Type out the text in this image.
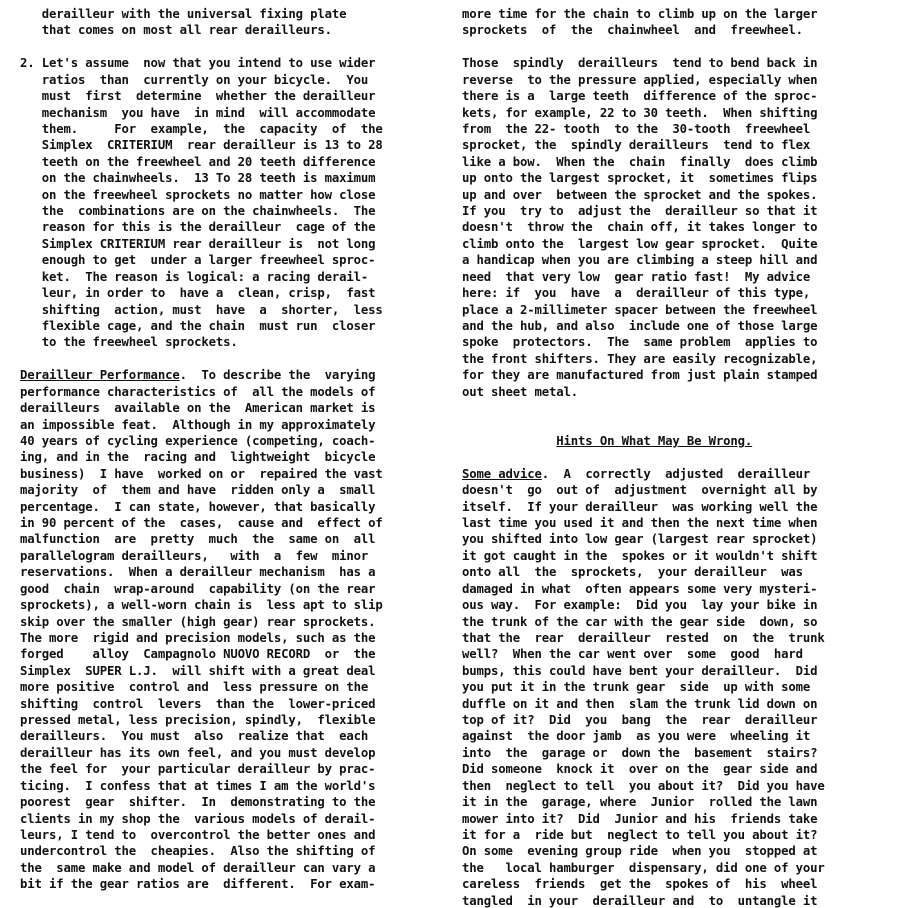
derailleur with the universal fixing plate
that comes on most all rear derailleurs.
2. Let's assume  now that you intend to use wider
ratios  than  currently on your bicycle.  You
must  first  determine  whether the derailleur
mechanism  you have  in mind  will accommodate
them.     For  example,  the  capacity  of  the
Simplex  CRITERIUM  rear derailleur is 13 to 28
teeth on the freewheel and 20 teeth difference
on the chainwheels.  13 To 28 teeth is maximum
on the freewheel sprockets no matter how close
the  combinations are on the chainwheels.  The
reason for this is the derailleur  cage of the
Simplex CRITERIUM rear derailleur is  not long
enough to get  under a larger freewheel sproc-
ket.  The reason is logical: a racing derail-
leur, in order to  have a  clean, crisp,  fast
shifting  action, must  have  a  shorter,  less
flexible cage, and the chain  must run  closer
to the freewheel sprockets.
Derailleur Performance.  To describe the  varying
performance characteristics of  all the models of
derailleurs  available on the  American market is
an impossible feat.  Although in my approximately
40 years of cycling experience (competing, coach-
ing, and in the  racing and  lightweight  bicycle
business)  I have  worked on or  repaired the vast
majority  of  them and have  ridden only a  small
percentage.  I can state, however, that basically
in 90 percent of the  cases,  cause and  effect of
malfunction  are  pretty  much  the  same on  all
parallelogram derailleurs,   with  a  few  minor
reservations.  When a derailleur mechanism  has a
good  chain  wrap-around  capability (on the rear
sprockets), a well-worn chain is  less apt to slip
skip over the smaller (high gear) rear sprockets.
The more  rigid and precision models, such as the
forged    alloy  Campagnolo NUOVO RECORD  or  the
Simplex  SUPER L.J.  will shift with a great deal
more positive  control and  less pressure on the
shifting  control  levers  than the  lower-priced
pressed metal, less precision, spindly,  flexible
derailleurs.  You must  also  realize that  each
derailleur has its own feel, and you must develop
the feel for  your particular derailleur by prac-
ticing.  I confess that at times I am the world's
poorest  gear  shifter.  In  demonstrating to the
clients in my shop the  various models of derail-
leurs, I tend to  overcontrol the better ones and
undercontrol the  cheapies.  Also the shifting of
the  same make and model of derailleur can vary a
bit if the gear ratios are  different.  For exam-
more time for the chain to climb up on the larger
sprockets  of  the  chainwheel  and  freewheel.
Those  spindly  derailleurs  tend to bend back in
reverse  to the pressure applied, especially when
there is a  large teeth  difference of the sproc-
kets, for example, 22 to 30 teeth.  When shifting
from  the 22- tooth  to the  30-tooth  freewheel
sprocket, the  spindly derailleurs  tend to flex
like a bow.  When the  chain  finally  does climb
up onto the largest sprocket, it  sometimes flips
up and over  between the sprocket and the spokes.
If you  try to  adjust the  derailleur so that it
doesn't  throw the  chain off, it takes longer to
climb onto the  largest low gear sprocket.  Quite
a handicap when you are climbing a steep hill and
need  that very low  gear ratio fast!  My advice
here: if  you  have  a  derailleur of this type,
place a 2-millimeter spacer between the freewheel
and the hub, and also  include one of those large
spoke  protectors.  The  same problem  applies to
the front shifters. They are easily recognizable,
for they are manufactured from just plain stamped
out sheet metal.
Hints On What May Be Wrong.
Some advice.  A  correctly  adjusted  derailleur
doesn't  go  out of  adjustment  overnight all by
itself.  If your derailleur  was working well the
last time you used it and then the next time when
you shifted into low gear (largest rear sprocket)
it got caught in the  spokes or it wouldn't shift
onto all  the  sprockets,  your derailleur  was
damaged in what  often appears some very mysteri-
ous way.  For example:  Did you  lay your bike in
the trunk of the car with the gear side  down, so
that the  rear  derailleur  rested  on  the  trunk
well?  When the car went over  some  good  hard
bumps, this could have bent your derailleur.  Did
you put it in the trunk gear  side  up with some
duffle on it and then  slam the trunk lid down on
top of it?  Did  you  bang  the  rear  derailleur
against  the door jamb  as you were  wheeling it
into  the  garage or  down the  basement  stairs?
Did someone  knock it  over on the  gear side and
then  neglect to tell  you about it?  Did you have
it in the  garage, where  Junior  rolled the lawn
mower into it?  Did  Junior and his  friends take
it for a  ride but  neglect to tell you about it?
On some  evening group ride  when you  stopped at
the   local hamburger  dispensary, did one of your
careless  friends  get the  spokes of  his  wheel
tangled  in your  derailleur and  to  untangle it
